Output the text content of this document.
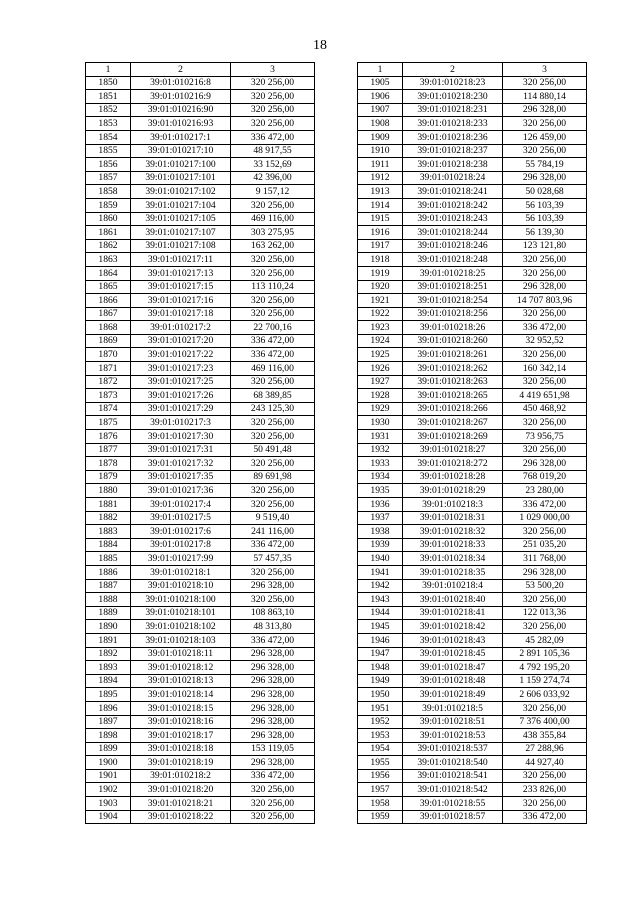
18
1	2	3
1850	39:01:010216:8	320 256,00
1851	39:01:010216:9	320 256,00
1852	39:01:010216:90	320 256,00
1853	39:01:010216:93	320 256,00
1854	39:01:010217:1	336 472,00
1855	39:01:010217:10	48 917,55
1856	39:01:010217:100	33 152,69
1857	39:01:010217:101	42 396,00
1858	39:01:010217:102	9 157,12
1859	39:01:010217:104	320 256,00
1860	39:01:010217:105	469 116,00
1861	39:01:010217:107	303 275,95
1862	39:01:010217:108	163 262,00
1863	39:01:010217:11	320 256,00
1864	39:01:010217:13	320 256,00
1865	39:01:010217:15	113 110,24
1866	39:01:010217:16	320 256,00
1867	39:01:010217:18	320 256,00
1868	39:01:010217:2	22 700,16
1869	39:01:010217:20	336 472,00
1870	39:01:010217:22	336 472,00
1871	39:01:010217:23	469 116,00
1872	39:01:010217:25	320 256,00
1873	39:01:010217:26	68 389,85
1874	39:01:010217:29	243 125,30
1875	39:01:010217:3	320 256,00
1876	39:01:010217:30	320 256,00
1877	39:01:010217:31	50 491,48
1878	39:01:010217:32	320 256,00
1879	39:01:010217:35	89 691,98
1880	39:01:010217:36	320 256,00
1881	39:01:010217:4	320 256,00
1882	39:01:010217:5	9 519,40
1883	39:01:010217:6	241 116,00
1884	39:01:010217:8	336 472,00
1885	39:01:010217:99	57 457,35
1886	39:01:010218:1	320 256,00
1887	39:01:010218:10	296 328,00
1888	39:01:010218:100	320 256,00
1889	39:01:010218:101	108 863,10
1890	39:01:010218:102	48 313,80
1891	39:01:010218:103	336 472,00
1892	39:01:010218:11	296 328,00
1893	39:01:010218:12	296 328,00
1894	39:01:010218:13	296 328,00
1895	39:01:010218:14	296 328,00
1896	39:01:010218:15	296 328,00
1897	39:01:010218:16	296 328,00
1898	39:01:010218:17	296 328,00
1899	39:01:010218:18	153 119,05
1900	39:01:010218:19	296 328,00
1901	39:01:010218:2	336 472,00
1902	39:01:010218:20	320 256,00
1903	39:01:010218:21	320 256,00
1904	39:01:010218:22	320 256,00
1	2	3
1905	39:01:010218:23	320 256,00
1906	39:01:010218:230	114 880,14
1907	39:01:010218:231	296 328,00
1908	39:01:010218:233	320 256,00
1909	39:01:010218:236	126 459,00
1910	39:01:010218:237	320 256,00
1911	39:01:010218:238	55 784,19
1912	39:01:010218:24	296 328,00
1913	39:01:010218:241	50 028,68
1914	39:01:010218:242	56 103,39
1915	39:01:010218:243	56 103,39
1916	39:01:010218:244	56 139,30
1917	39:01:010218:246	123 121,80
1918	39:01:010218:248	320 256,00
1919	39:01:010218:25	320 256,00
1920	39:01:010218:251	296 328,00
1921	39:01:010218:254	14 707 803,96
1922	39:01:010218:256	320 256,00
1923	39:01:010218:26	336 472,00
1924	39:01:010218:260	32 952,52
1925	39:01:010218:261	320 256,00
1926	39:01:010218:262	160 342,14
1927	39:01:010218:263	320 256,00
1928	39:01:010218:265	4 419 651,98
1929	39:01:010218:266	450 468,92
1930	39:01:010218:267	320 256,00
1931	39:01:010218:269	73 956,75
1932	39:01:010218:27	320 256,00
1933	39:01:010218:272	296 328,00
1934	39:01:010218:28	768 019,20
1935	39:01:010218:29	23 280,00
1936	39:01:010218:3	336 472,00
1937	39:01:010218:31	1 029 000,00
1938	39:01:010218:32	320 256,00
1939	39:01:010218:33	251 035,20
1940	39:01:010218:34	311 768,00
1941	39:01:010218:35	296 328,00
1942	39:01:010218:4	53 500,20
1943	39:01:010218:40	320 256,00
1944	39:01:010218:41	122 013,36
1945	39:01:010218:42	320 256,00
1946	39:01:010218:43	45 282,09
1947	39:01:010218:45	2 891 105,36
1948	39:01:010218:47	4 792 195,20
1949	39:01:010218:48	1 159 274,74
1950	39:01:010218:49	2 606 033,92
1951	39:01:010218:5	320 256,00
1952	39:01:010218:51	7 376 400,00
1953	39:01:010218:53	438 355,84
1954	39:01:010218:537	27 288,96
1955	39:01:010218:540	44 927,40
1956	39:01:010218:541	320 256,00
1957	39:01:010218:542	233 826,00
1958	39:01:010218:55	320 256,00
1959	39:01:010218:57	336 472,00
